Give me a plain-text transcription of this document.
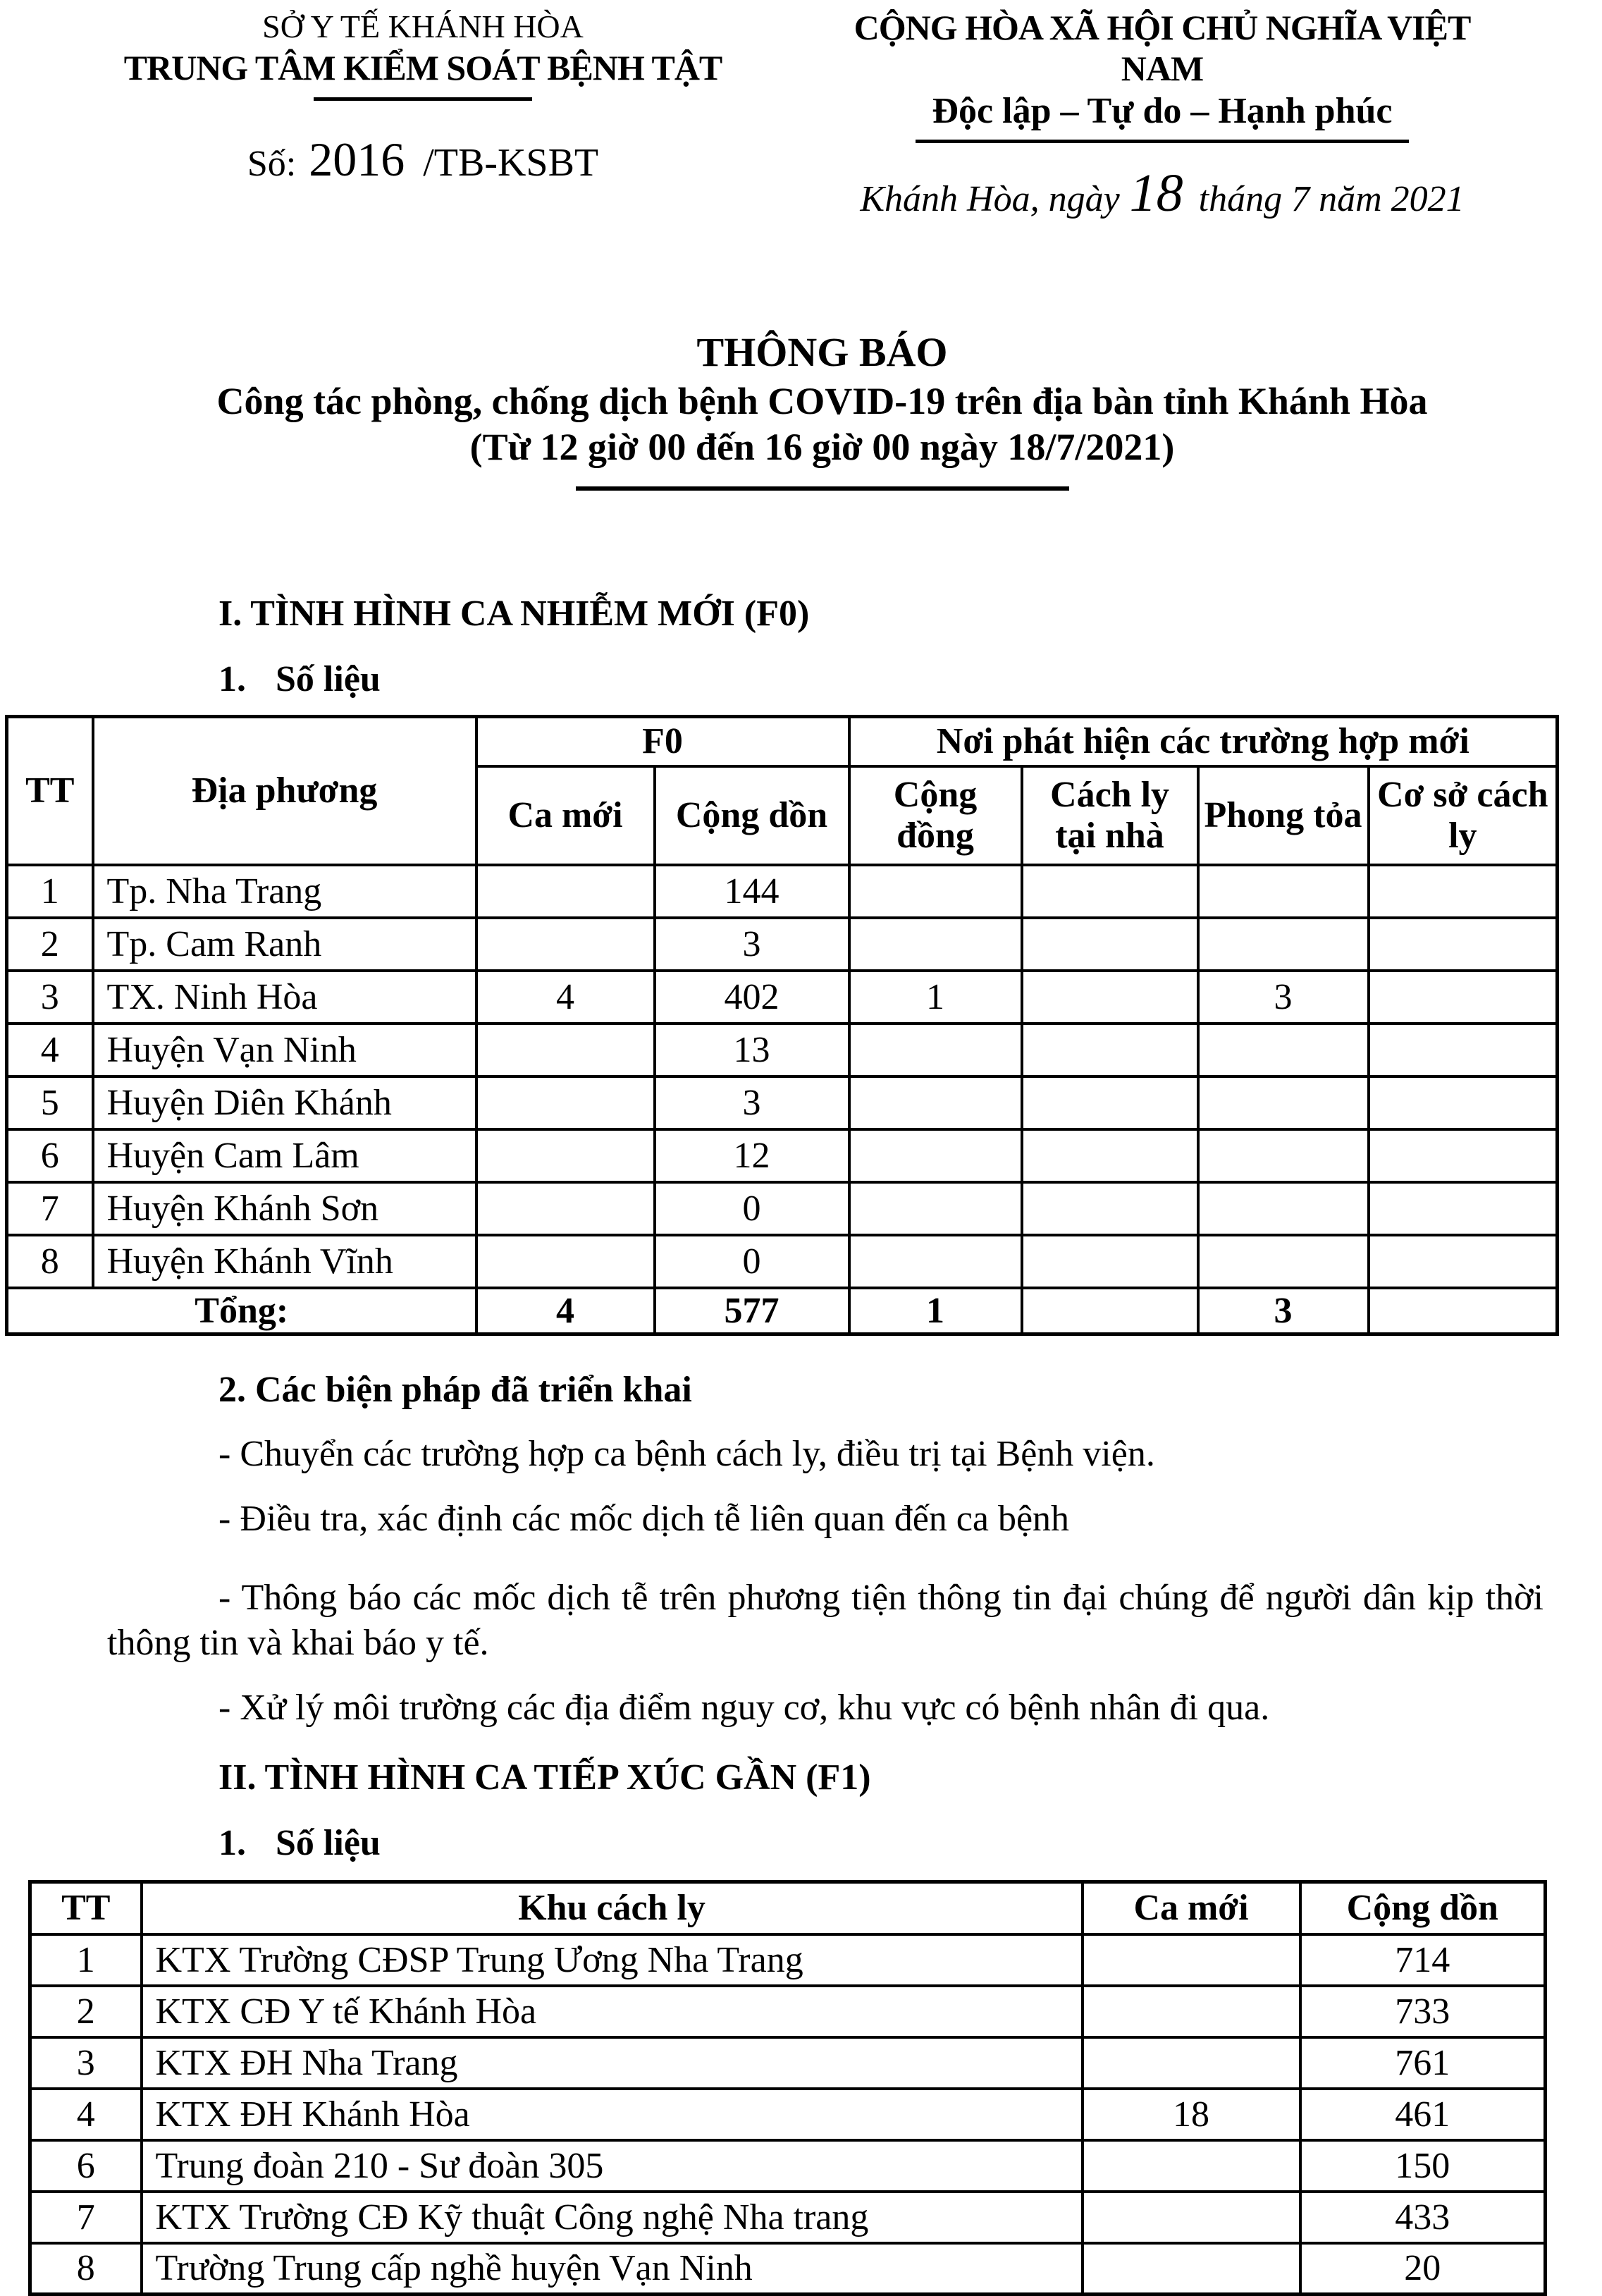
SỞ Y TẾ KHÁNH HÒA
TRUNG TÂM KIỂM SOÁT BỆNH TẬT
Số: 2016 /TB-KSBT
CỘNG HÒA XÃ HỘI CHỦ NGHĨA VIỆT NAM
Độc lập – Tự do – Hạnh phúc
Khánh Hòa, ngày 18 tháng 7 năm 2021
THÔNG BÁO
Công tác phòng, chống dịch bệnh COVID-19 trên địa bàn tỉnh Khánh Hòa
(Từ 12 giờ 00 đến 16 giờ 00 ngày 18/7/2021)
I. TÌNH HÌNH CA NHIỄM MỚI (F0)
1. Số liệu
TT	Địa phương	F0		Nơi phát hiện các trường hợp mới			
		Ca mới	Cộng dồn	Cộng đồng	Cách ly tại nhà	Phong tỏa	Cơ sở cách ly
1	Tp. Nha Trang		144				
2	Tp. Cam Ranh		3				
3	TX. Ninh Hòa	4	402	1		3	
4	Huyện Vạn Ninh		13				
5	Huyện Diên Khánh		3				
6	Huyện Cam Lâm		12				
7	Huyện Khánh Sơn		0				
8	Huyện Khánh Vĩnh		0				
Tổng:		4	577	1		3	
2. Các biện pháp đã triển khai
- Chuyển các trường hợp ca bệnh cách ly, điều trị tại Bệnh viện.
- Điều tra, xác định các mốc dịch tễ liên quan đến ca bệnh
- Thông báo các mốc dịch tễ trên phương tiện thông tin đại chúng để người dân kịp thời thông tin và khai báo y tế.
- Xử lý môi trường các địa điểm nguy cơ, khu vực có bệnh nhân đi qua.
II. TÌNH HÌNH CA TIẾP XÚC GẦN (F1)
1. Số liệu
TT	Khu cách ly	Ca mới	Cộng dồn
1	KTX Trường CĐSP Trung Ương Nha Trang		714
2	KTX CĐ Y tế Khánh Hòa		733
3	KTX ĐH Nha Trang		761
4	KTX ĐH Khánh Hòa	18	461
6	Trung đoàn 210 - Sư đoàn 305		150
7	KTX Trường CĐ Kỹ thuật Công nghệ Nha trang		433
8	Trường Trung cấp nghề huyện Vạn Ninh		20
